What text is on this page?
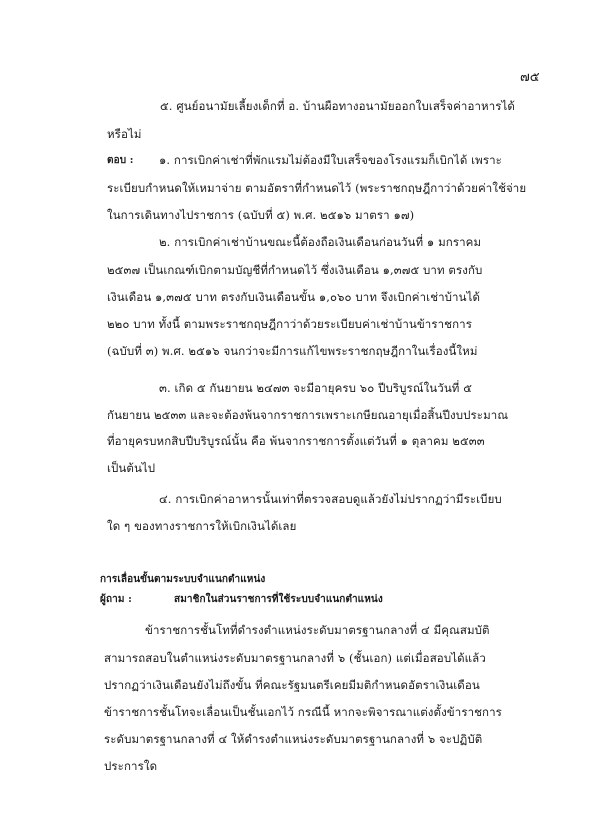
๗๕
๕. ศูนย์อนามัยเลี้ยงเด็กที่ อ. บ้านผือทางอนามัยออกใบเสร็จค่าอาหารได้
หรือไม่
ตอบ : ๑. การเบิกค่าเช่าที่พักแรมไม่ต้องมีใบเสร็จของโรงแรมก็เบิกได้ เพราะ
ระเบียบกำหนดให้เหมาจ่าย ตามอัตราที่กำหนดไว้ (พระราชกฤษฎีกาว่าด้วยค่าใช้จ่าย
ในการเดินทางไปราชการ (ฉบับที่ ๕) พ.ศ. ๒๕๑๖ มาตรา ๑๗)
๒. การเบิกค่าเช่าบ้านขณะนี้ต้องถือเงินเดือนก่อนวันที่ ๑ มกราคม
๒๕๓๗ เป็นเกณฑ์เบิกตามบัญชีที่กำหนดไว้ ซึ่งเงินเดือน ๑,๓๗๕ บาท ตรงกับ
เงินเดือน ๑,๓๗๕ บาท ตรงกับเงินเดือนขั้น ๑,๐๖๐ บาท จึงเบิกค่าเช่าบ้านได้
๒๒๐ บาท ทั้งนี้ ตามพระราชกฤษฎีกาว่าด้วยระเบียบค่าเช่าบ้านข้าราชการ
(ฉบับที่ ๓) พ.ศ. ๒๕๑๖ จนกว่าจะมีการแก้ไขพระราชกฤษฎีกาในเรื่องนี้ใหม่
๓. เกิด ๕ กันยายน ๒๔๗๓ จะมีอายุครบ ๖๐ ปีบริบูรณ์ในวันที่ ๕
กันยายน ๒๕๓๓ และจะต้องพ้นจากราชการเพราะเกษียณอายุเมื่อสิ้นปีงบประมาณ
ที่อายุครบหกสิบปีบริบูรณ์นั้น คือ พ้นจากราชการตั้งแต่วันที่ ๑ ตุลาคม ๒๕๓๓
เป็นต้นไป
๔. การเบิกค่าอาหารนั้นเท่าที่ตรวจสอบดูแล้วยังไม่ปรากฏว่ามีระเบียบ
ใด ๆ ของทางราชการให้เบิกเงินได้เลย
การเลื่อนขั้นตามระบบจำแนกตำแหน่ง
ผู้ถาม :	สมาชิกในส่วนราชการที่ใช้ระบบจำแนกตำแหน่ง
ข้าราชการชั้นโทที่ดำรงตำแหน่งระดับมาตรฐานกลางที่ ๔ มีคุณสมบัติ
สามารถสอบในตำแหน่งระดับมาตรฐานกลางที่ ๖ (ชั้นเอก) แต่เมื่อสอบได้แล้ว
ปรากฏว่าเงินเดือนยังไม่ถึงขั้น ที่คณะรัฐมนตรีเคยมีมติกำหนดอัตราเงินเดือน
ข้าราชการชั้นโทจะเลื่อนเป็นชั้นเอกไว้ กรณีนี้ หากจะพิจารณาแต่งตั้งข้าราชการ
ระดับมาตรฐานกลางที่ ๔ ให้ดำรงตำแหน่งระดับมาตรฐานกลางที่ ๖ จะปฏิบัติ
ประการใด
